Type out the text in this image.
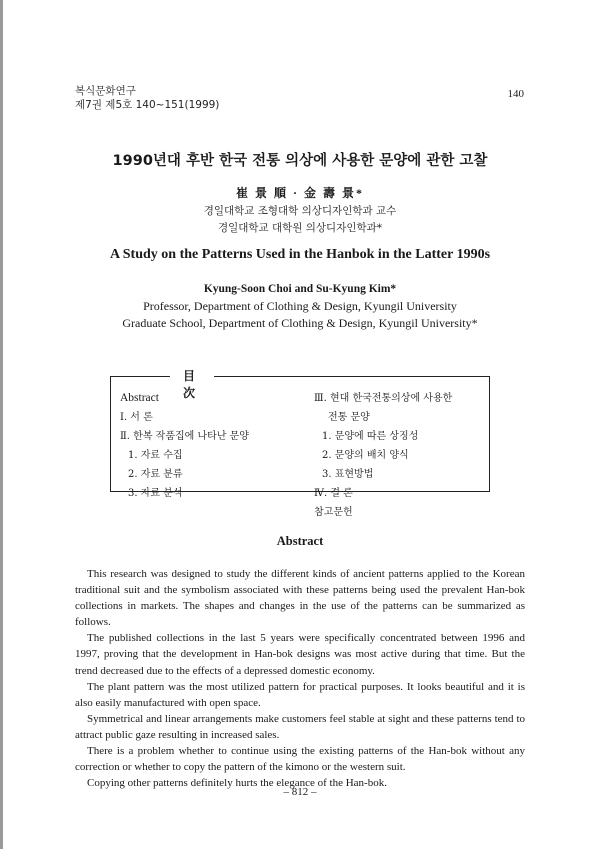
복식문화연구
제7권 제5호 140~151(1999)
140
1990년대 후반 한국 전통 의상에 사용한 문양에 관한 고찰
崔 景 順 · 金 壽 景*
경일대학교 조형대학 의상디자인학과 교수
경일대학교 대학원 의상디자인학과*
A Study on the Patterns Used in the Hanbok in the Latter 1990s
Kyung-Soon Choi and Su-Kyung Kim*
Professor, Department of Clothing & Design, Kyungil University
Graduate School, Department of Clothing & Design, Kyungil University*
Abstract
Ⅰ. 서 론
Ⅱ. 한복 작품집에 나타난 문양
1. 자료 수집
2. 자료 분류
3. 자료 분석
Ⅲ. 현대 한국전통의상에 사용한
전통 문양
1. 문양에 따른 상징성
2. 문양의 배치 양식
3. 표현방법
Ⅳ. 결 론
참고문헌
目 次
Abstract

This research was designed to study the different kinds of ancient patterns applied to the Korean traditional suit and the symbolism associated with these patterns being used the prevalent Han-bok collections in markets. The shapes and changes in the use of the patterns can be summarized as follows.

The published collections in the last 5 years were specifically concentrated between 1996 and 1997, proving that the development in Han-bok designs was most active during that time. But the trend decreased due to the effects of a depressed domestic economy.

The plant pattern was the most utilized pattern for practical purposes. It looks beautiful and it is also easily manufactured with open space.

Symmetrical and linear arrangements make customers feel stable at sight and these patterns tend to attract public gaze resulting in increased sales.

There is a problem whether to continue using the existing patterns of the Han-bok without any correction or whether to copy the pattern of the kimono or the western suit.

Copying other patterns definitely hurts the elegance of the Han-bok.

– 812 –
